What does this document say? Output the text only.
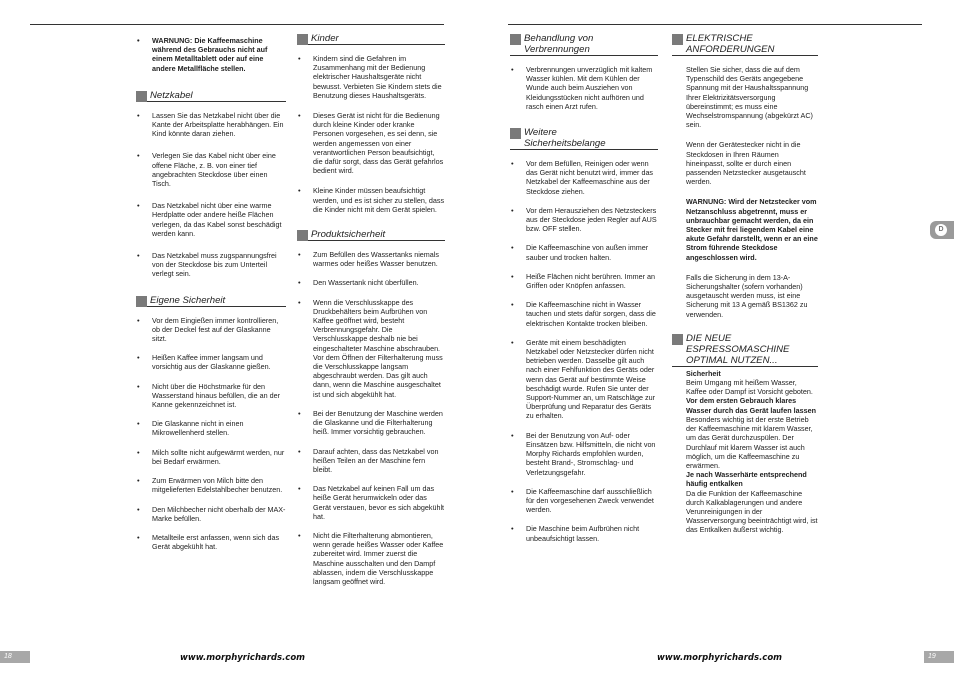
• WARNUNG: Die Kaffeemaschine während des Gebrauchs nicht auf einem Metalltablett oder auf eine andere Metallfläche stellen.
Netzkabel
• Lassen Sie das Netzkabel nicht über die Kante der Arbeitsplatte herabhängen. Ein Kind könnte daran ziehen.
• Verlegen Sie das Kabel nicht über eine offene Fläche, z. B. von einer tief angebrachten Steckdose über einen Tisch.
• Das Netzkabel nicht über eine warme Herdplatte oder andere heiße Flächen verlegen, da das Kabel sonst beschädigt werden kann.
• Das Netzkabel muss zugspannungsfrei von der Steckdose bis zum Unterteil verlegt sein.
Eigene Sicherheit
• Vor dem Eingießen immer kontrollieren, ob der Deckel fest auf der Glaskanne sitzt.
• Heißen Kaffee immer langsam und vorsichtig aus der Glaskanne gießen.
• Nicht über die Höchstmarke für den Wasserstand hinaus befüllen, die an der Kanne gekennzeichnet ist.
• Die Glaskanne nicht in einen Mikrowellenherd stellen.
• Milch sollte nicht aufgewärmt werden, nur bei Bedarf erwärmen.
• Zum Erwärmen von Milch bitte den mitgelieferten Edelstahlbecher benutzen.
• Den Milchbecher nicht oberhalb der MAX-Marke befüllen.
• Metallteile erst anfassen, wenn sich das Gerät abgekühlt hat.
Kinder
• Kindern sind die Gefahren im Zusammenhang mit der Bedienung elektrischer Haushaltsgeräte nicht bewusst. Verbieten Sie Kindern stets die Benutzung dieses Haushaltsgeräts.
• Dieses Gerät ist nicht für die Bedienung durch kleine Kinder oder kranke Personen vorgesehen, es sei denn, sie werden angemessen von einer verantwortlichen Person beaufsichtigt, die dafür sorgt, dass das Gerät gefahrlos bedient wird.
• Kleine Kinder müssen beaufsichtigt werden, und es ist sicher zu stellen, dass die Kinder nicht mit dem Gerät spielen.
Produktsicherheit
• Zum Befüllen des Wassertanks niemals warmes oder heißes Wasser benutzen.
• Den Wassertank nicht überfüllen.
• Wenn die Verschlusskappe des Druckbehälters beim Aufbrühen von Kaffee geöffnet wird, besteht Verbrennungsgefahr. Die Verschlusskappe deshalb nie bei eingeschalteter Maschine abschrauben. Vor dem Öffnen der Filterhalterung muss die Verschlusskappe langsam abgeschraubt werden. Das gilt auch dann, wenn die Maschine ausgeschaltet ist und sich abgekühlt hat.
• Bei der Benutzung der Maschine werden die Glaskanne und die Filterhalterung heiß. Immer vorsichtig gebrauchen.
• Darauf achten, dass das Netzkabel von heißen Teilen an der Maschine fern bleibt.
• Das Netzkabel auf keinen Fall um das heiße Gerät herumwickeln oder das Gerät verstauen, bevor es sich abgekühlt hat.
• Nicht die Filterhalterung abmontieren, wenn gerade heißes Wasser oder Kaffee zubereitet wird. Immer zuerst die Maschine ausschalten und den Dampf ablassen, indem die Verschlusskappe langsam geöffnet wird.
Behandlung von
Verbrennungen
• Verbrennungen unverzüglich mit kaltem Wasser kühlen. Mit dem Kühlen der Wunde auch beim Ausziehen von Kleidungsstücken nicht aufhören und rasch einen Arzt rufen.
Weitere
Sicherheitsbelange
• Vor dem Befüllen, Reinigen oder wenn das Gerät nicht benutzt wird, immer das Netzkabel der Kaffeemaschine aus der Steckdose ziehen.
• Vor dem Herausziehen des Netzsteckers aus der Steckdose jeden Regler auf AUS bzw. OFF stellen.
• Die Kaffeemaschine von außen immer sauber und trocken halten.
• Heiße Flächen nicht berühren. Immer an Griffen oder Knöpfen anfassen.
• Die Kaffeemaschine nicht in Wasser tauchen und stets dafür sorgen, dass die elektrischen Kontakte trocken bleiben.
• Geräte mit einem beschädigten Netzkabel oder Netzstecker dürfen nicht betrieben werden. Dasselbe gilt auch nach einer Fehlfunktion des Geräts oder wenn das Gerät auf bestimmte Weise beschädigt wurde. Rufen Sie unter der Support-Nummer an, um Ratschläge zur Überprüfung und Reparatur des Geräts zu erhalten.
• Bei der Benutzung von Auf- oder Einsätzen bzw. Hilfsmitteln, die nicht von Morphy Richards empfohlen wurden, besteht Brand-, Stromschlag- und Verletzungsgefahr.
• Die Kaffeemaschine darf ausschließlich für den vorgesehenen Zweck verwendet werden.
• Die Maschine beim Aufbrühen nicht unbeaufsichtigt lassen.
ELEKTRISCHE
ANFORDERUNGEN

Stellen Sie sicher, dass die auf dem Typenschild des Geräts angegebene Spannung mit der Haushaltsspannung Ihrer Elektrizitätsversorgung übereinstimmt; es muss eine Wechselstromspannung (abgekürzt AC) sein.

Wenn der Gerätestecker nicht in die Steckdosen in Ihren Räumen hineinpasst, sollte er durch einen passenden Netzstecker ausgetauscht werden.

WARNUNG: Wird der Netzstecker vom Netzanschluss abgetrennt, muss er unbrauchbar gemacht werden, da ein Stecker mit frei liegendem Kabel eine akute Gefahr darstellt, wenn er an eine Strom führende Steckdose angeschlossen wird.

Falls die Sicherung in dem 13-A-Sicherungshalter (sofern vorhanden) ausgetauscht werden muss, ist eine Sicherung mit 13 A gemäß BS1362 zu verwenden.

DIE NEUE
ESPRESSOMASCHINE
OPTIMAL NUTZEN...

Sicherheit

Beim Umgang mit heißem Wasser, Kaffee oder Dampf ist Vorsicht geboten.

Vor dem ersten Gebrauch klares Wasser durch das Gerät laufen lassen

Besonders wichtig ist der erste Betrieb der Kaffeemaschine mit klarem Wasser, um das Gerät durchzuspülen. Der Durchlauf mit klarem Wasser ist auch möglich, um die Kaffeemaschine zu erwärmen.

Je nach Wasserhärte entsprechend häufig entkalken

Da die Funktion der Kaffeemaschine durch Kalkablagerungen und andere Verunreinigungen in der Wasserversorgung beeinträchtigt wird, ist das Entkalken äußerst wichtig.

D
18	www.morphyrichards.com	www.morphyrichards.com	19
